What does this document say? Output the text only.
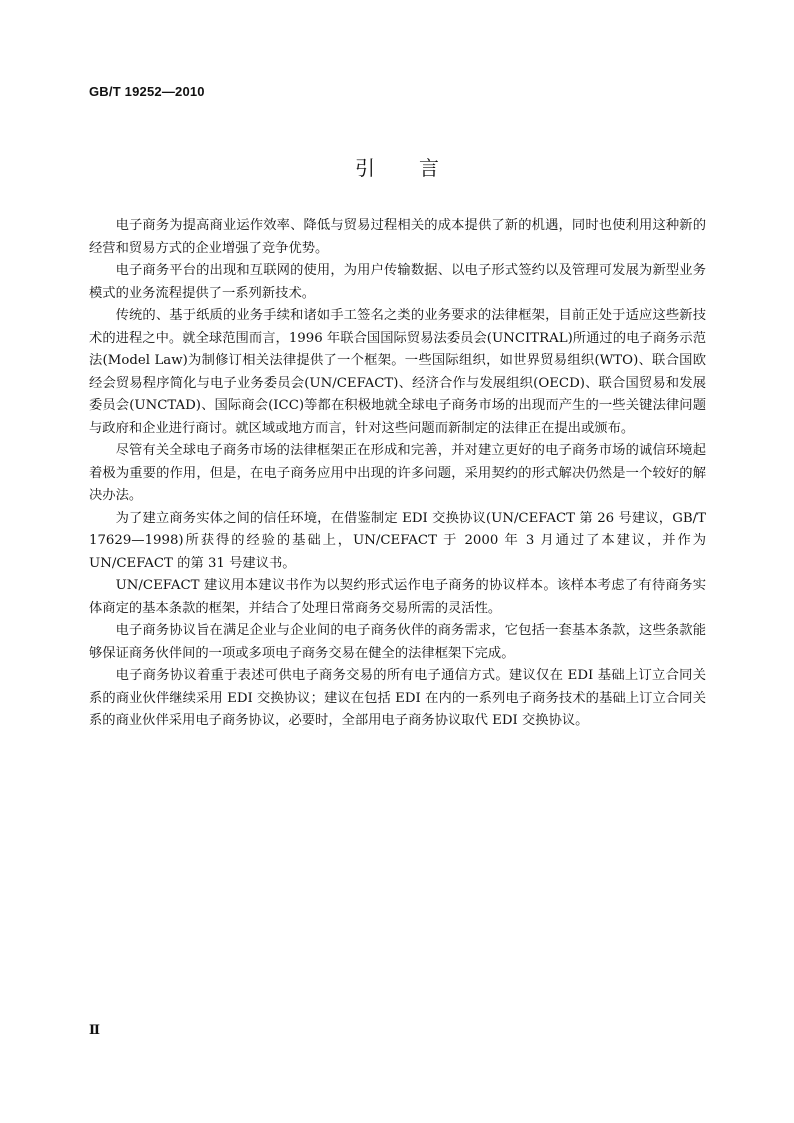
GB/T 19252—2010
引 言

电子商务为提高商业运作效率、降低与贸易过程相关的成本提供了新的机遇，同时也使利用这种新的经营和贸易方式的企业增强了竞争优势。

电子商务平台的出现和互联网的使用，为用户传输数据、以电子形式签约以及管理可发展为新型业务模式的业务流程提供了一系列新技术。

传统的、基于纸质的业务手续和诸如手工签名之类的业务要求的法律框架，目前正处于适应这些新技术的进程之中。就全球范围而言，1996 年联合国国际贸易法委员会(UNCITRAL)所通过的电子商务示范法(Model Law)为制修订相关法律提供了一个框架。一些国际组织，如世界贸易组织(WTO)、联合国欧经会贸易程序简化与电子业务委员会(UN/CEFACT)、经济合作与发展组织(OECD)、联合国贸易和发展委员会(UNCTAD)、国际商会(ICC)等都在积极地就全球电子商务市场的出现而产生的一些关键法律问题与政府和企业进行商讨。就区域或地方而言，针对这些问题而新制定的法律正在提出或颁布。

尽管有关全球电子商务市场的法律框架正在形成和完善，并对建立更好的电子商务市场的诚信环境起着极为重要的作用，但是，在电子商务应用中出现的许多问题，采用契约的形式解决仍然是一个较好的解决办法。

为了建立商务实体之间的信任环境，在借鉴制定 EDI 交换协议(UN/CEFACT 第 26 号建议，GB/T 17629—1998)所获得的经验的基础上，UN/CEFACT 于 2000 年 3 月通过了本建议，并作为 UN/CEFACT 的第 31 号建议书。

UN/CEFACT 建议用本建议书作为以契约形式运作电子商务的协议样本。该样本考虑了有待商务实体商定的基本条款的框架，并结合了处理日常商务交易所需的灵活性。

电子商务协议旨在满足企业与企业间的电子商务伙伴的商务需求，它包括一套基本条款，这些条款能够保证商务伙伴间的一项或多项电子商务交易在健全的法律框架下完成。

电子商务协议着重于表述可供电子商务交易的所有电子通信方式。建议仅在 EDI 基础上订立合同关系的商业伙伴继续采用 EDI 交换协议；建议在包括 EDI 在内的一系列电子商务技术的基础上订立合同关系的商业伙伴采用电子商务协议，必要时，全部用电子商务协议取代 EDI 交换协议。

Ⅱ
